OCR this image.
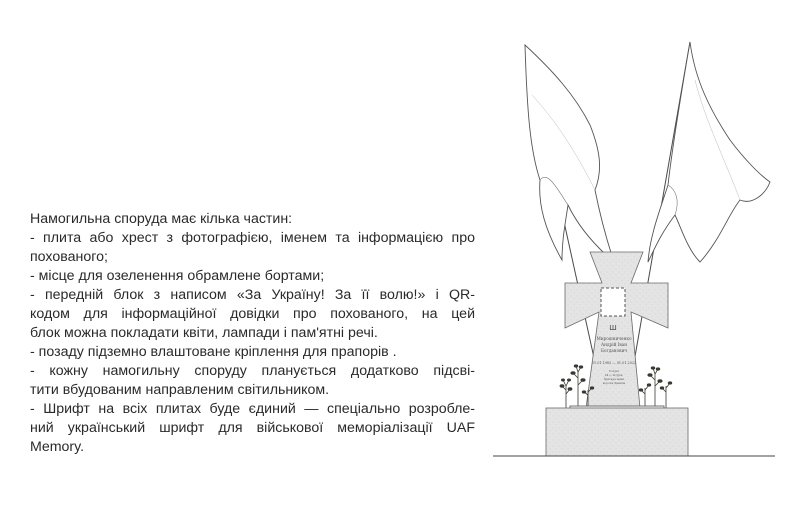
Намогильна споруда має кілька частин:
- плита або хрест з фотографією, іменем та інформацією про
похованого;
- місце для озеленення обрамлене бортами;
- передній блок з написом «За Україну! За її волю!» і QR-
кодом для інформаційної довідки про похованого, на цей
блок можна покладати квіти, лампади і пам'ятні речі.
- позаду підземно влаштоване кріплення для прапорів .
- кожну намогильну споруду планується додатково підсві-
тити вбудованим направленим світильником.
- Шрифт на всіх плитах буде єдиний — спеціально розробле-
ний український шрифт для військової меморіалізації UAF
Memory.
Ш
Мирошниченко
Андрій Іван
Богданович
01.01.1985 — 01.01.2022
Солдат
24 о. штурм.
бригада імені
короля Данила
